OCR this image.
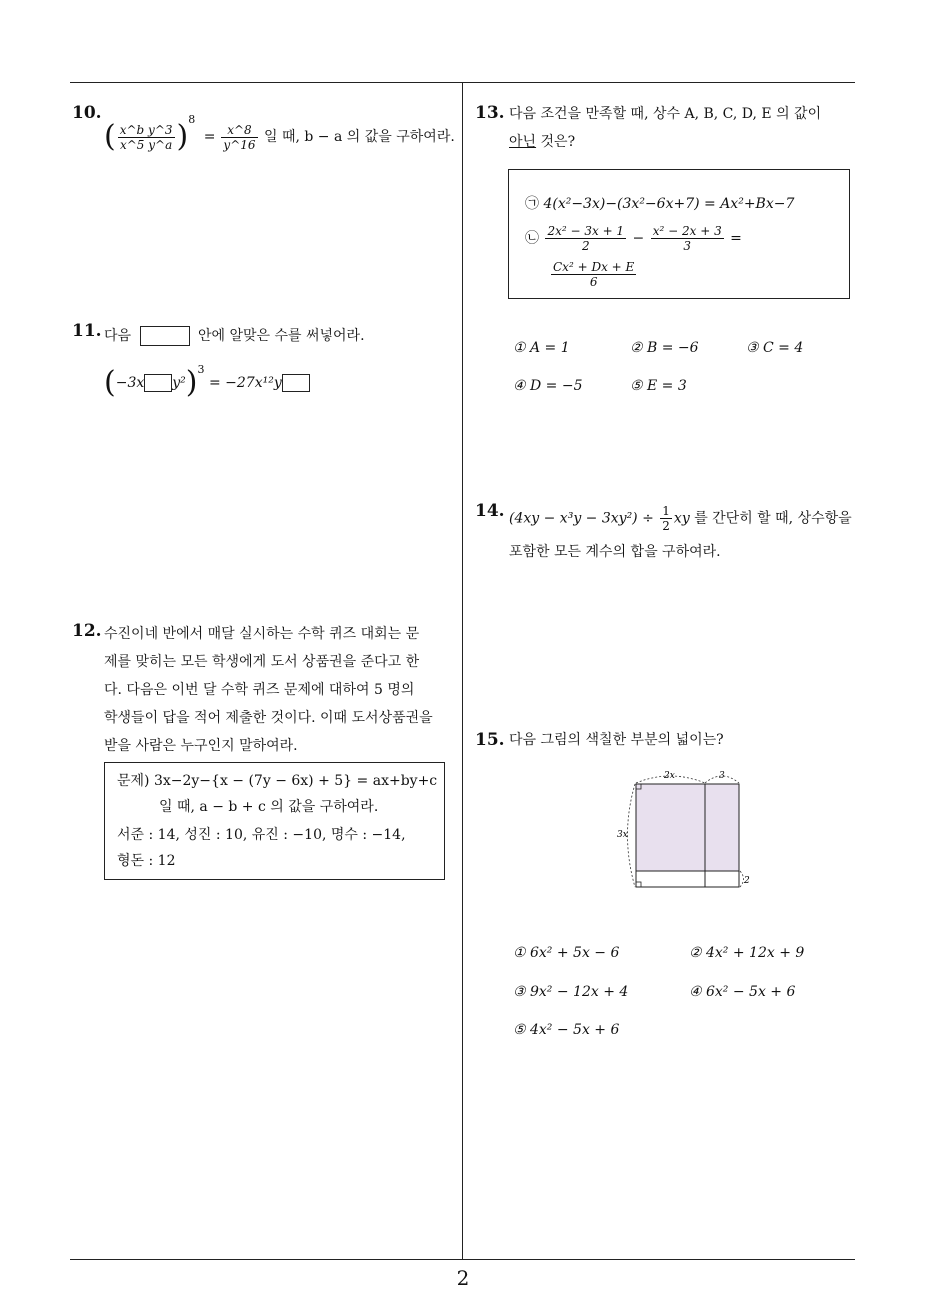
10.
( $\frac{\text{x\textasciicircum{}b y\textasciicircum{}3}}{x\^{}5 y\^{}a} )^8 = \frac{x\^{}8}{y\^{}16}$ 일 때, b − a 의 값을 구하여라.
11. 다음	안에 알맞은 수를 써넣어라.
(−3x y²)$^3$ = −27x¹²y
12. 수진이네 반에서 매달 실시하는 수학 퀴즈 대회는 문
제를 맞히는 모든 학생에게 도서 상품권을 준다고 한
다. 다음은 이번 달 수학 퀴즈 문제에 대하여 5 명의
학생들이 답을 적어 제출한 것이다. 이때 도서상품권을
받을 사람은 누구인지 말하여라.
문제) 3x−2y−{x − (7y − 6x) + 5} = ax+by+c
일 때, a − b + c 의 값을 구하여라.
서준 : 14, 성진 : 10, 유진 : −10, 명수 : −14,
형돈 : 12
13. 다음 조건을 만족할 때, 상수 A, B, C, D, E 의 값이
아닌 것은?
㉠ 4(x²−3x)−(3x²−6x+7) = Ax²+Bx−7
㉡ $\frac{\text{2x² − 3x + 1}}{2} - \frac{\text{x² − 2x + 3}}{3}$ =
$\frac{\text{Cx² + Dx + E}}{6}$
① A = 1	② B = −6	③ C = 4
④ D = −5	⑤ E = 3
14. $(4xy - x^3y - 3xy^2) \div \frac{1}{2}$ xy 를 간단히 할 때, 상수항을
포함한 모든 계수의 합을 구하여라.
15. 다음 그림의 색칠한 부분의 넓이는?
2x	3
3x
2
① 6x² + 5x − 6	② 4x² + 12x + 9
③ 9x² − 12x + 4	④ 6x² − 5x + 6
⑤ 4x² − 5x + 6
2
